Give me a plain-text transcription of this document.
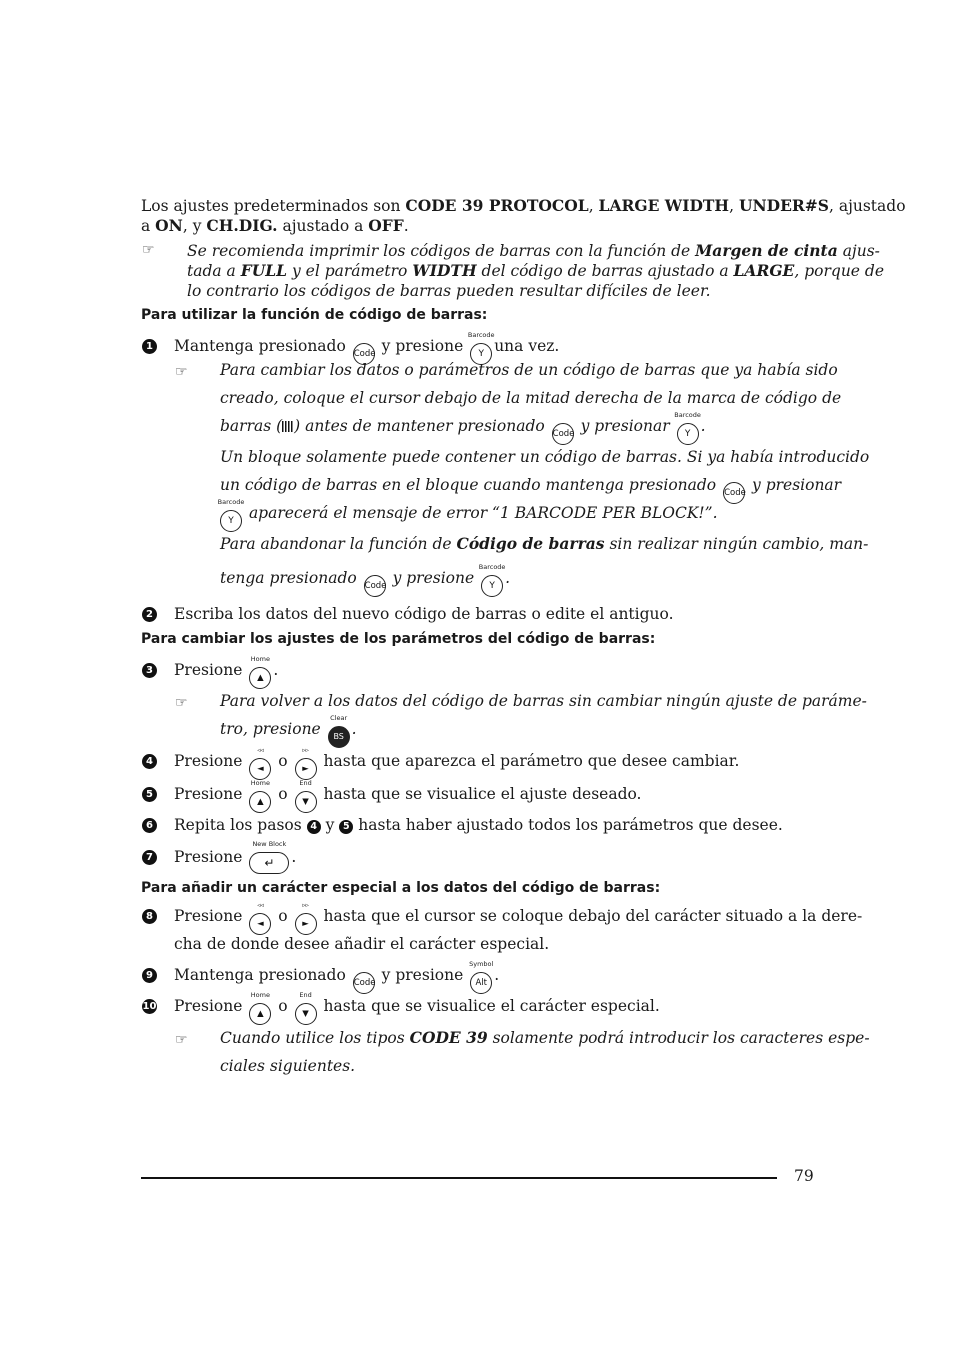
Los ajustes predeterminados son CODE 39 PROTOCOL, LARGE WIDTH, UNDER#S, ajustado
a ON, y CH.DIG. ajustado a OFF.
☞ Se recomienda imprimir los códigos de barras con la función de Margen de cinta ajus-
tada a FULL y el parámetro WIDTH del código de barras ajustado a LARGE, porque de
lo contrario los códigos de barras pueden resultar difíciles de leer.
Para utilizar la función de código de barras:
1 Mantenga presionado Code y presione
Barcode
Y una vez.
☞ Para cambiar los datos o parámetros de un código de barras que ya había sido
creado, coloque el cursor debajo de la mitad derecha de la marca de código de
barras ( ) antes de mantener presionado Code y presionar
Barcode
Y .
Un bloque solamente puede contener un código de barras. Si ya había introducido
un código de barras en el bloque cuando mantenga presionado Code y presionar
Barcode
Y aparecerá el mensaje de error “1 BARCODE PER BLOCK!”.
Para abandonar la función de Código de barras sin realizar ningún cambio, man-
tenga presionado Code y presione
Barcode
Y .
2 Escriba los datos del nuevo código de barras o edite el antiguo.
Para cambiar los ajustes de los parámetros del código de barras:
3 Presione
Home
▲ .
☞ Para volver a los datos del código de barras sin cambiar ningún ajuste de paráme-
tro, presione
Clear
BS .
4 Presione
◃◃
◄ o
▹▹
► hasta que aparezca el parámetro que desee cambiar.
5 Presione
Home
▲ o
End
▼ hasta que se visualice el ajuste deseado.
6 Repita los pasos 4 y 5 hasta haber ajustado todos los parámetros que desee.
7 Presione
New Block
↵ .
Para añadir un carácter especial a los datos del código de barras:
8 Presione
◃◃
◄ o
▹▹
► hasta que el cursor se coloque debajo del carácter situado a la dere-
cha de donde desee añadir el carácter especial.
9 Mantenga presionado Code y presione
Symbol
Alt .
10 Presione
Home
▲ o
End
▼ hasta que se visualice el carácter especial.
☞ Cuando utilice los tipos CODE 39 solamente podrá introducir los caracteres espe-
ciales siguientes.
79
